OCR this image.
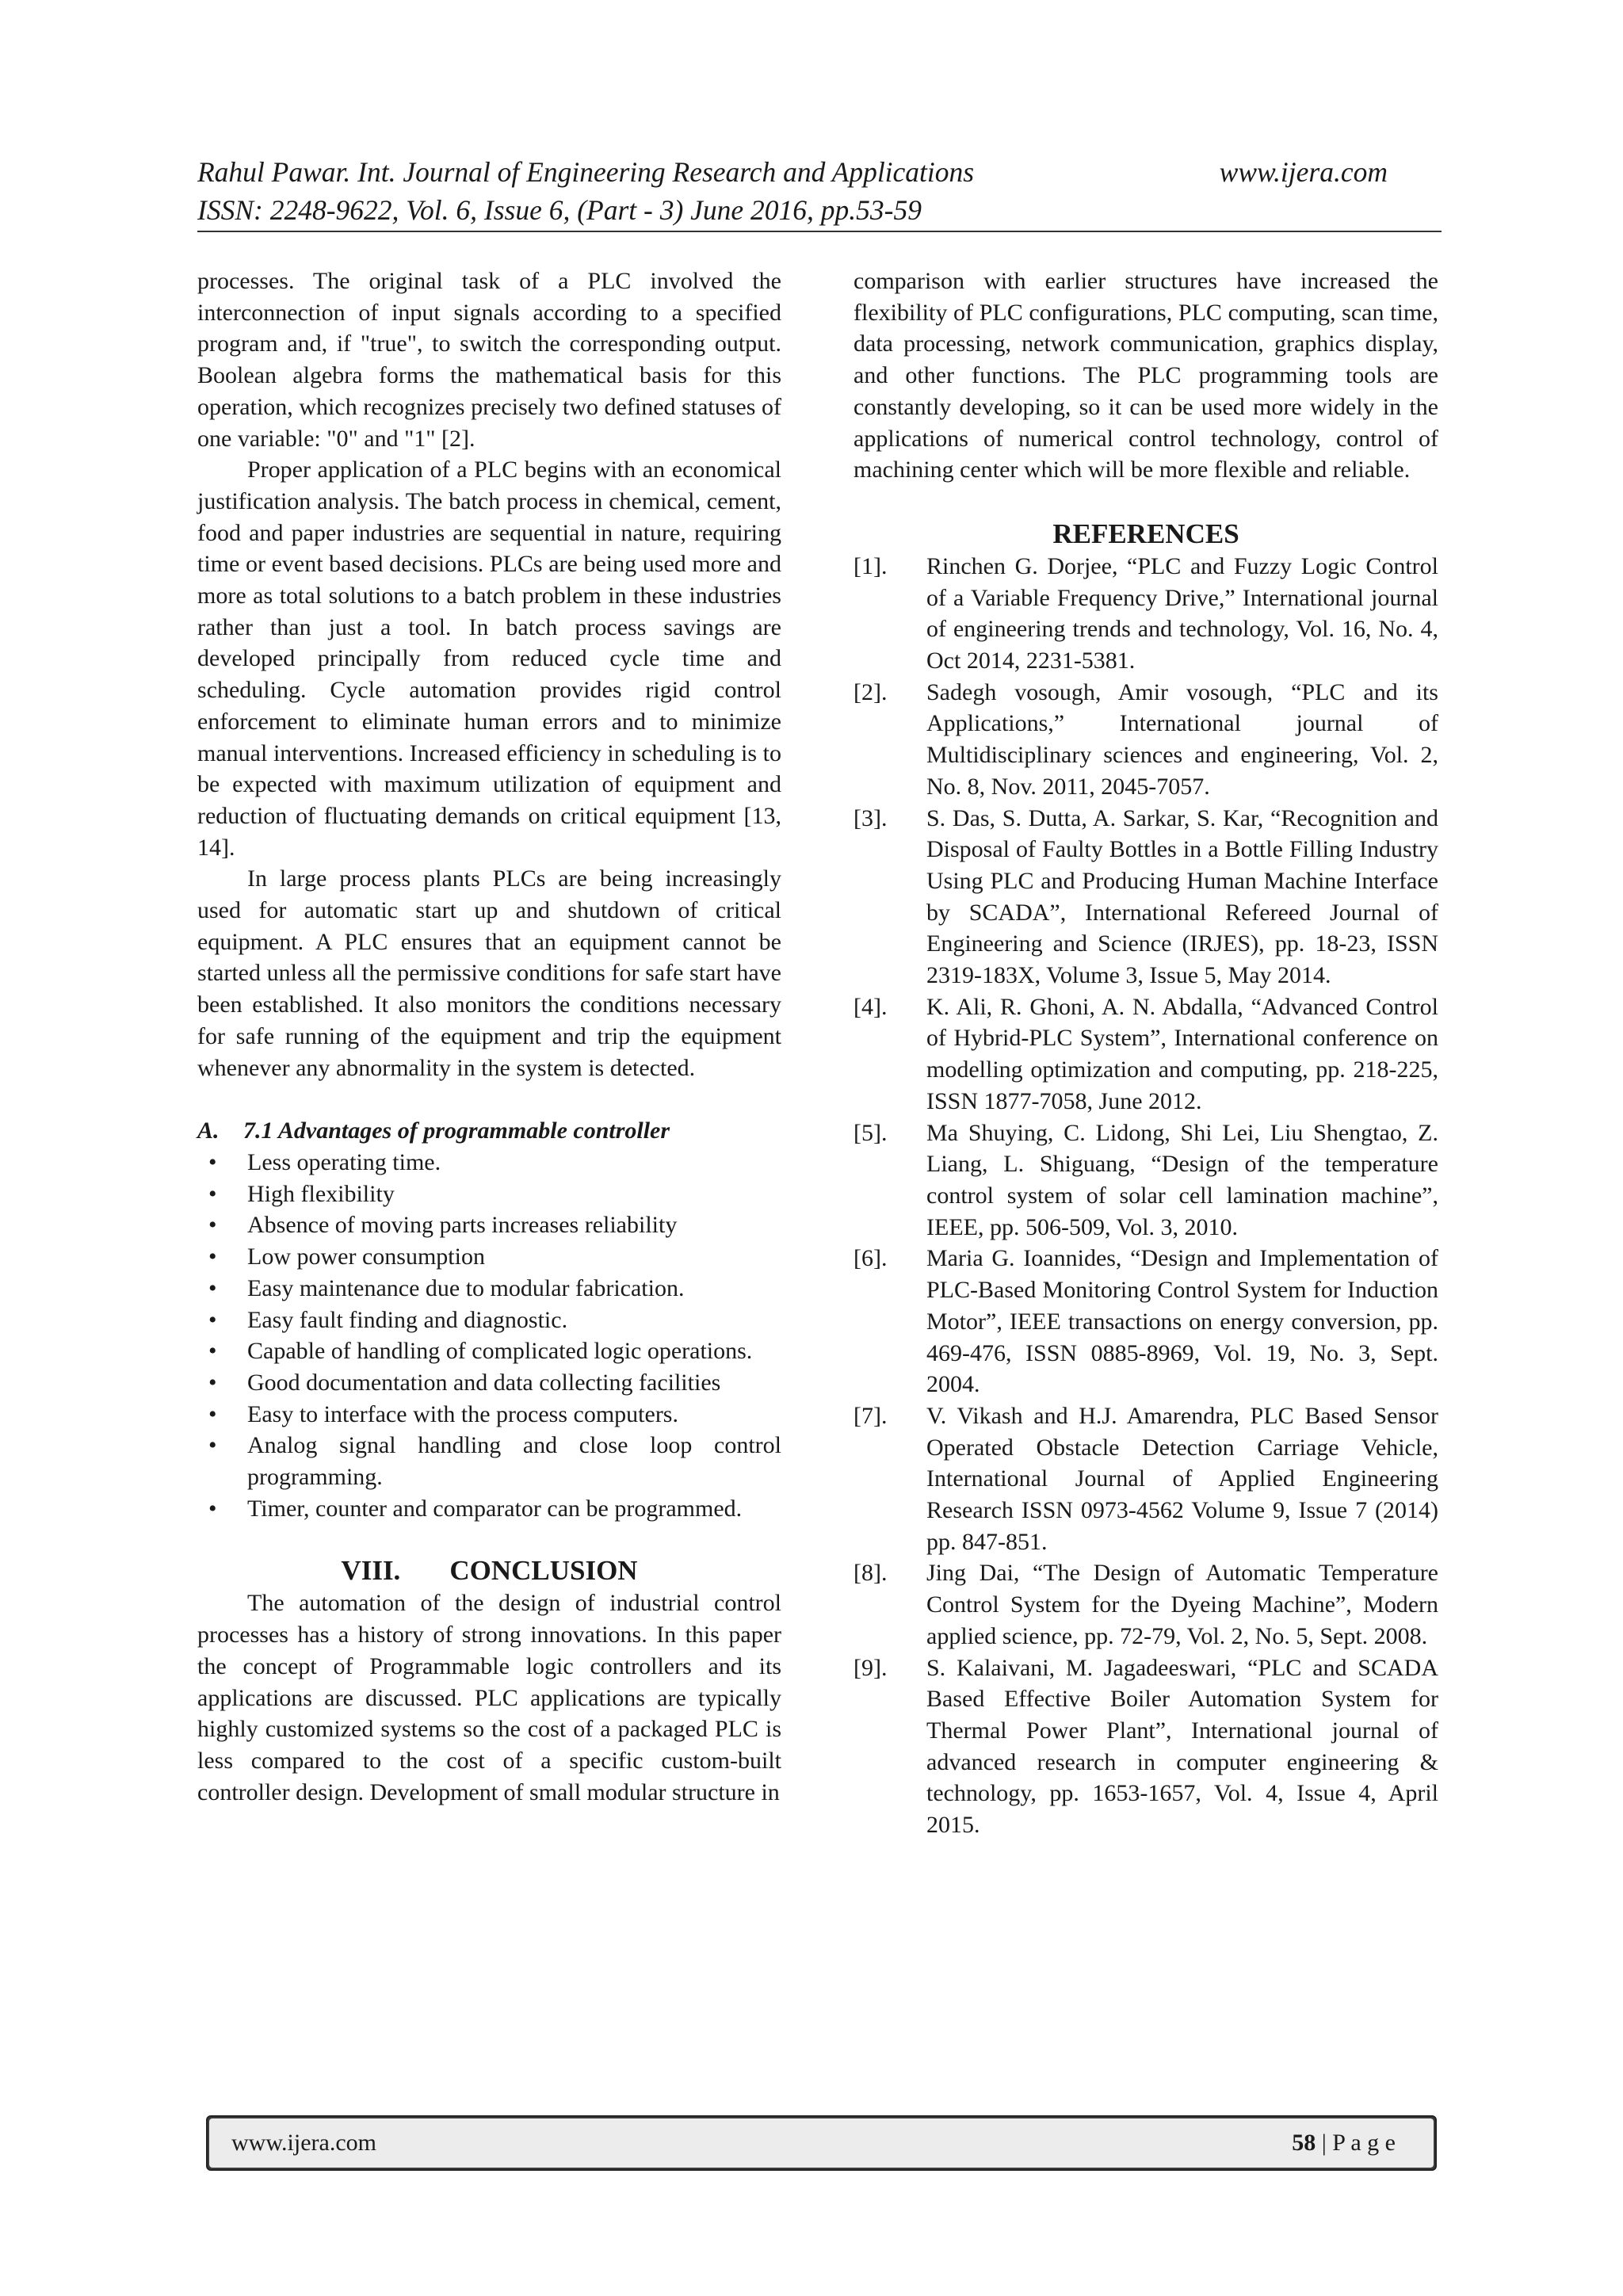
Rahul Pawar. Int. Journal of Engineering Research and Applications	www.ijera.com
ISSN: 2248-9622, Vol. 6, Issue 6, (Part - 3) June 2016, pp.53-59

processes. The original task of a PLC involved the interconnection of input signals according to a specified program and, if "true", to switch the corresponding output. Boolean algebra forms the mathematical basis for this operation, which recognizes precisely two defined statuses of one variable: "0" and "1" [2].

Proper application of a PLC begins with an economical justification analysis. The batch process in chemical, cement, food and paper industries are sequential in nature, requiring time or event based decisions. PLCs are being used more and more as total solutions to a batch problem in these industries rather than just a tool. In batch process savings are developed principally from reduced cycle time and scheduling. Cycle automation provides rigid control enforcement to eliminate human errors and to minimize manual interventions. Increased efficiency in scheduling is to be expected with maximum utilization of equipment and reduction of fluctuating demands on critical equipment [13, 14].

In large process plants PLCs are being increasingly used for automatic start up and shutdown of critical equipment. A PLC ensures that an equipment cannot be started unless all the permissive conditions for safe start have been established. It also monitors the conditions necessary for safe running of the equipment and trip the equipment whenever any abnormality in the system is detected.

A.	7.1 Advantages of programmable controller
• Less operating time.
• High flexibility
• Absence of moving parts increases reliability
• Low power consumption
• Easy maintenance due to modular fabrication.
• Easy fault finding and diagnostic.
• Capable of handling of complicated logic operations.
• Good documentation and data collecting facilities
• Easy to interface with the process computers.
• Analog signal handling and close loop control programming.
• Timer, counter and comparator can be programmed.
VIII. CONCLUSION

The automation of the design of industrial control processes has a history of strong innovations. In this paper the concept of Programmable logic controllers and its applications are discussed. PLC applications are typically highly customized systems so the cost of a packaged PLC is less compared to the cost of a specific custom-built controller design. Development of small modular structure in

comparison with earlier structures have increased the flexibility of PLC configurations, PLC computing, scan time, data processing, network communication, graphics display, and other functions. The PLC programming tools are constantly developing, so it can be used more widely in the applications of numerical control technology, control of machining center which will be more flexible and reliable.

REFERENCES
[1].	Rinchen G. Dorjee, “PLC and Fuzzy Logic Control of a Variable Frequency Drive,” International journal of engineering trends and technology, Vol. 16, No. 4, Oct 2014, 2231-5381.
[2].	Sadegh vosough, Amir vosough, “PLC and its Applications,” International journal of Multidisciplinary sciences and engineering, Vol. 2, No. 8, Nov. 2011, 2045-7057.
[3].	S. Das, S. Dutta, A. Sarkar, S. Kar, “Recognition and Disposal of Faulty Bottles in a Bottle Filling Industry Using PLC and Producing Human Machine Interface by SCADA”, International Refereed Journal of Engineering and Science (IRJES), pp. 18-23, ISSN 2319-183X, Volume 3, Issue 5, May 2014.
[4].	K. Ali, R. Ghoni, A. N. Abdalla, “Advanced Control of Hybrid-PLC System”, International conference on modelling optimization and computing, pp. 218-225, ISSN 1877-7058, June 2012.
[5].	Ma Shuying, C. Lidong, Shi Lei, Liu Shengtao, Z. Liang, L. Shiguang, “Design of the temperature control system of solar cell lamination machine”, IEEE, pp. 506-509, Vol. 3, 2010.
[6].	Maria G. Ioannides, “Design and Implementation of PLC-Based Monitoring Control System for Induction Motor”, IEEE transactions on energy conversion, pp. 469-476, ISSN 0885-8969, Vol. 19, No. 3, Sept. 2004.
[7].	V. Vikash and H.J. Amarendra, PLC Based Sensor Operated Obstacle Detection Carriage Vehicle, International Journal of Applied Engineering Research ISSN 0973-4562 Volume 9, Issue 7 (2014) pp. 847-851.
[8].	Jing Dai, “The Design of Automatic Temperature Control System for the Dyeing Machine”, Modern applied science, pp. 72-79, Vol. 2, No. 5, Sept. 2008.
[9].	S. Kalaivani, M. Jagadeeswari, “PLC and SCADA Based Effective Boiler Automation System for Thermal Power Plant”, International journal of advanced research in computer engineering & technology, pp. 1653-1657, Vol. 4, Issue 4, April 2015.
www.ijera.com	58 | P a g e
